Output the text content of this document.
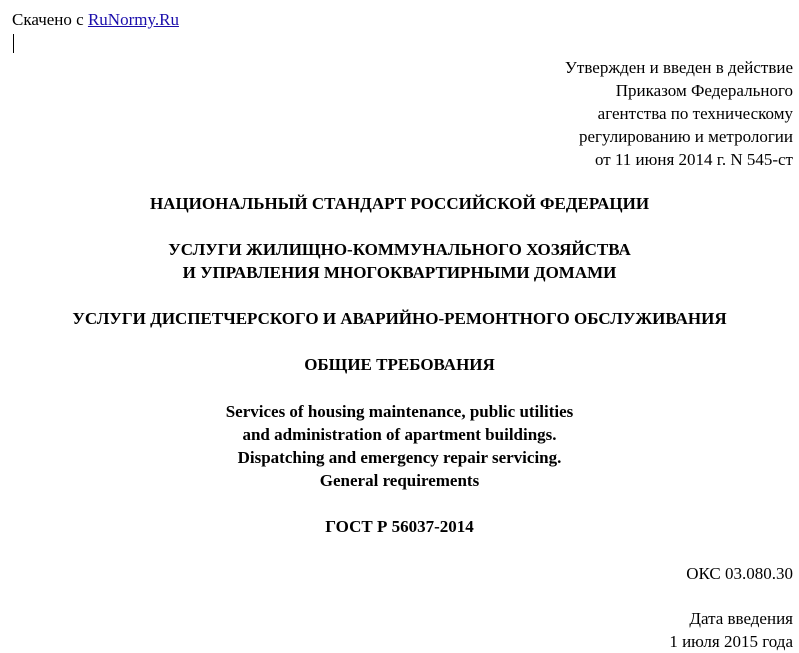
Скачено с RuNormy.Ru
Утвержден и введен в действие
Приказом Федерального
агентства по техническому
регулированию и метрологии
от 11 июня 2014 г. N 545-ст
НАЦИОНАЛЬНЫЙ СТАНДАРТ РОССИЙСКОЙ ФЕДЕРАЦИИ
УСЛУГИ ЖИЛИЩНО-КОММУНАЛЬНОГО ХОЗЯЙСТВА
И УПРАВЛЕНИЯ МНОГОКВАРТИРНЫМИ ДОМАМИ
УСЛУГИ ДИСПЕТЧЕРСКОГО И АВАРИЙНО-РЕМОНТНОГО ОБСЛУЖИВАНИЯ
ОБЩИЕ ТРЕБОВАНИЯ
Services of housing maintenance, public utilities
and administration of apartment buildings.
Dispatching and emergency repair servicing.
General requirements
ГОСТ Р 56037-2014
ОКС 03.080.30
Дата введения
1 июля 2015 года
